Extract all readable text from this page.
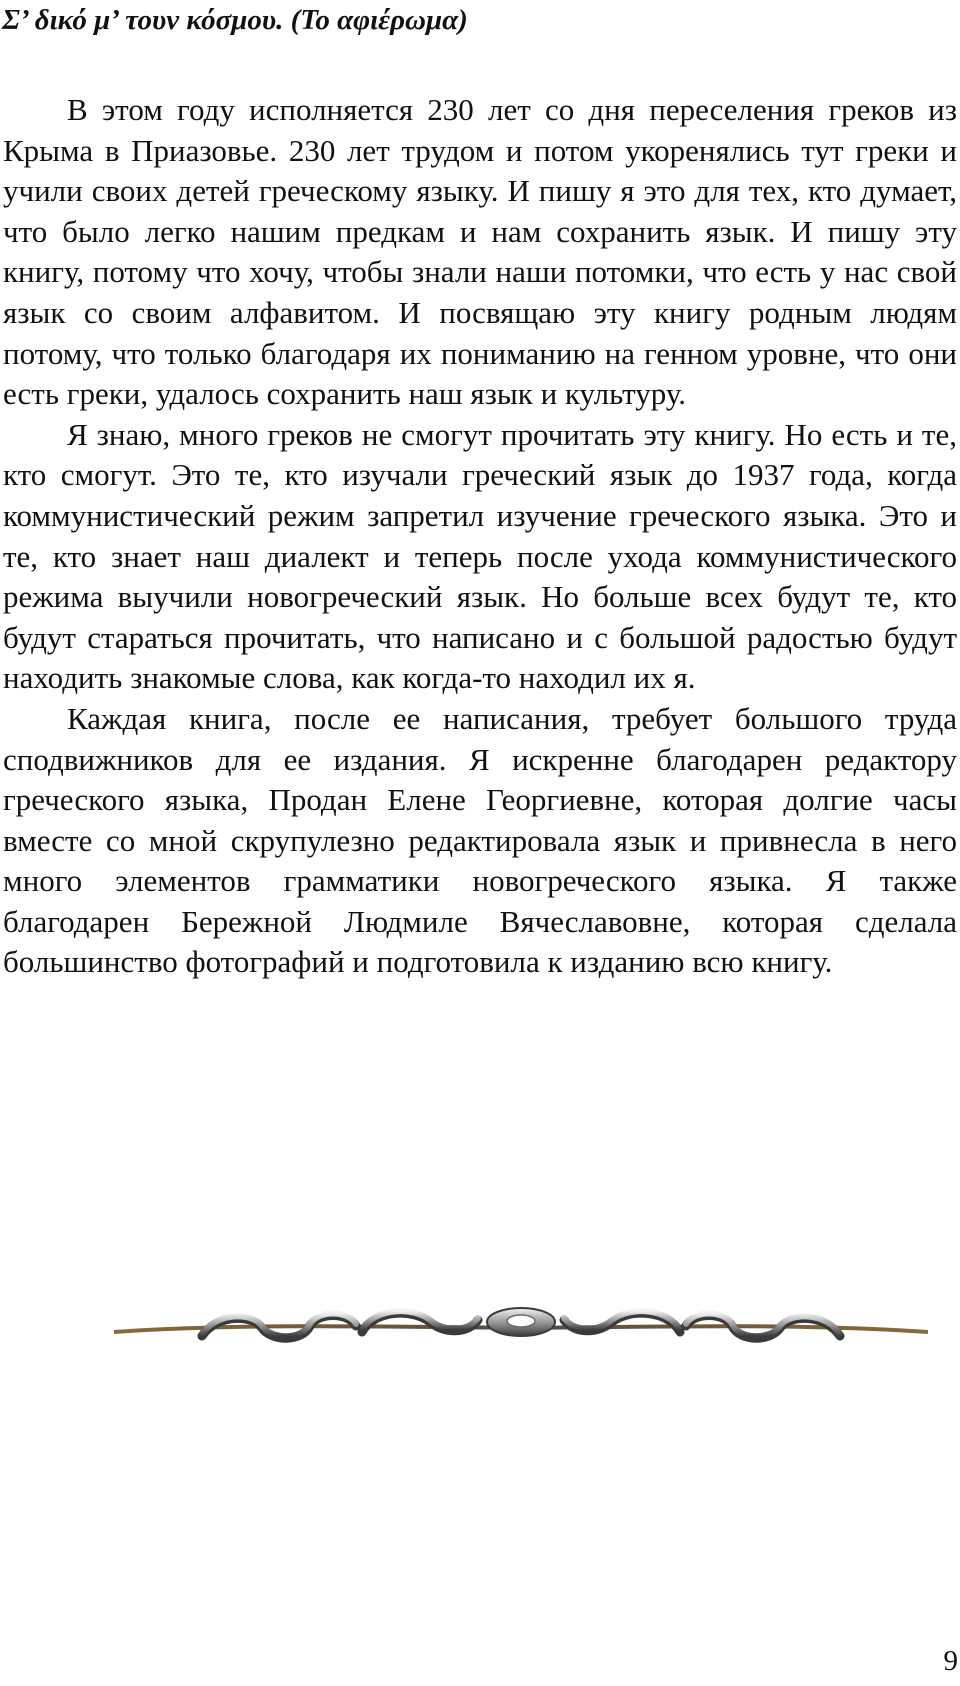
Σ’ δικό μ’ τουν κόσμου. (Το αφιέρωμα)

В этом году исполняется 230 лет со дня переселения греков из Крыма в Приазовье. 230 лет трудом и потом укоренялись тут греки и учили своих детей греческому языку. И пишу я это для тех, кто думает, что было легко нашим предкам и нам сохранить язык. И пишу эту книгу, потому что хочу, чтобы знали наши потомки, что есть у нас свой язык со своим алфавитом. И посвящаю эту книгу родным людям потому, что только благодаря их пониманию на генном уровне, что они есть греки, удалось сохранить наш язык и культуру.

Я знаю, много греков не смогут прочитать эту книгу. Но есть и те, кто смогут. Это те, кто изучали греческий язык до 1937 года, когда коммунистический режим запретил изучение греческого языка. Это и те, кто знает наш диалект и теперь после ухода коммунистического режима выучили новогреческий язык. Но больше всех будут те, кто будут стараться прочитать, что написано и с большой радостью будут находить знакомые слова, как когда-то находил их я.

Каждая книга, после ее написания, требует большого труда сподвижников для ее издания. Я искренне благодарен редактору греческого языка, Продан Елене Георгиевне, которая долгие часы вместе со мной скрупулезно редактировала язык и привнесла в него много элементов грамматики новогреческого языка. Я также благодарен Бережной Людмиле Вячеславовне, которая сделала большинство фотографий и подготовила к изданию всю книгу.

9
